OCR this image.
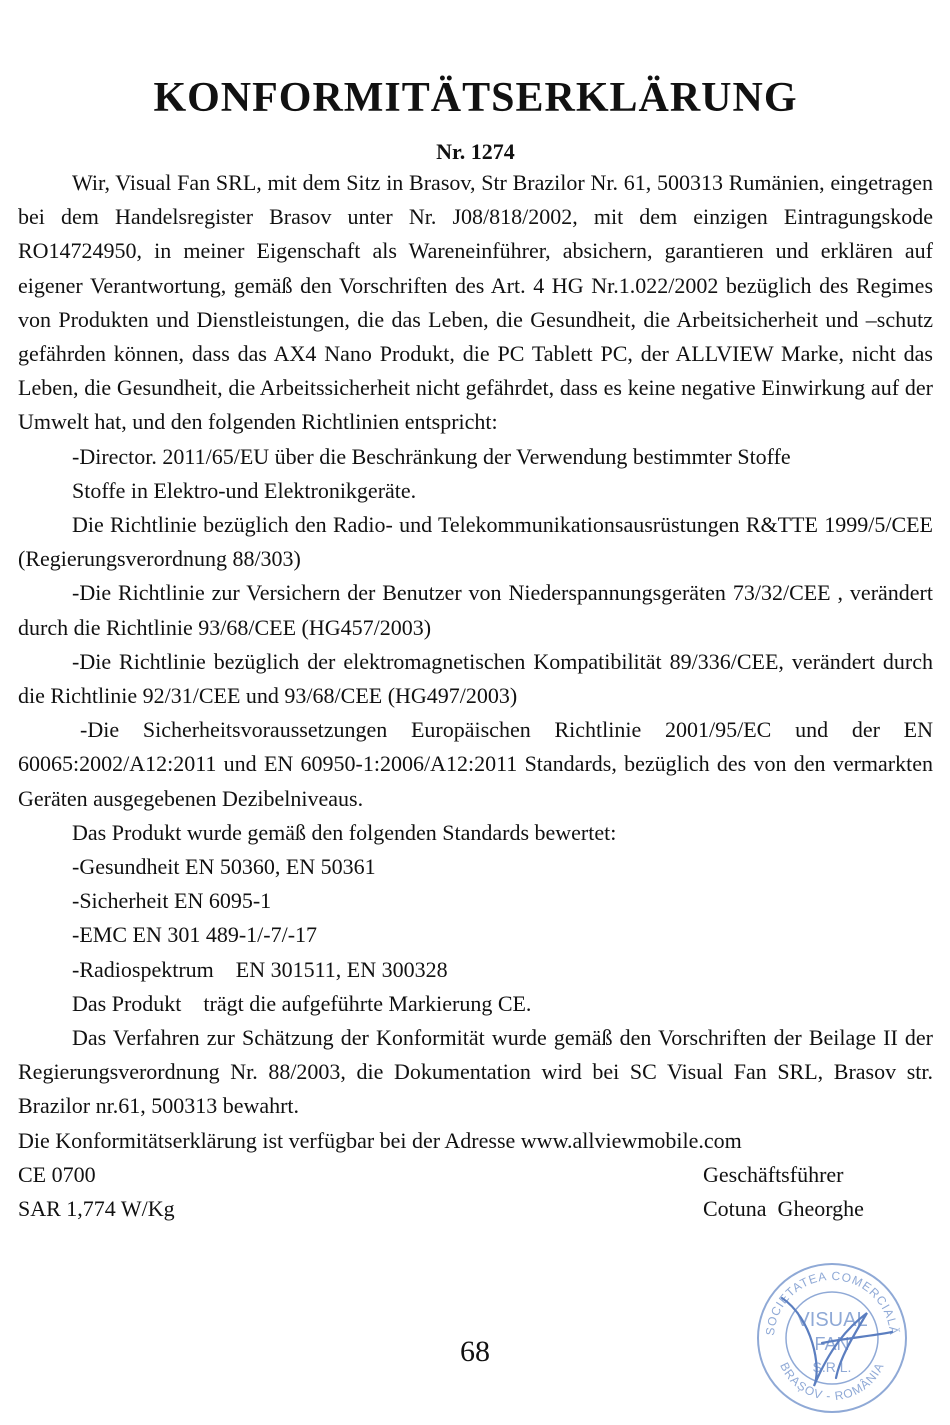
KONFORMITÄTSERKLÄRUNG
Nr. 1274

Wir, Visual Fan SRL, mit dem Sitz in Brasov, Str Brazilor Nr. 61, 500313 Rumänien, eingetragen bei dem Handelsregister Brasov unter Nr. J08/818/2002, mit dem einzigen Eintragungskode RO14724950, in meiner Eigenschaft als Wareneinführer, absichern, garantieren und erklären auf eigener Verantwortung, gemäß den Vorschriften des Art. 4 HG Nr.1.022/2002 bezüglich des Regimes von Produkten und Dienstleistungen, die das Leben, die Gesundheit, die Arbeitsicherheit und –schutz gefährden können, dass das AX4 Nano Produkt, die PC Tablett PC, der ALLVIEW Marke, nicht das Leben, die Gesundheit, die Arbeitssicherheit nicht gefährdet, dass es keine negative Einwirkung auf der Umwelt hat, und den folgenden Richtlinien entspricht:

-Director. 2011/65/EU über die Beschränkung der Verwendung bestimmter Stoffe

Stoffe in Elektro-und Elektronikgeräte.

Die Richtlinie bezüglich den Radio- und Telekommunikationsausrüstungen R&TTE 1999/5/CEE (Regierungsverordnung 88/303)

-Die Richtlinie zur Versichern der Benutzer von Niederspannungsgeräten 73/32/CEE , verändert durch die Richtlinie 93/68/CEE (HG457/2003)

-Die Richtlinie bezüglich der elektromagnetischen Kompatibilität 89/336/CEE, verändert durch die Richtlinie 92/31/CEE und 93/68/CEE (HG497/2003)

-Die Sicherheitsvoraussetzungen Europäischen Richtlinie 2001/95/EC und der EN 60065:2002/A12:2011 und EN 60950-1:2006/A12:2011 Standards, bezüglich des von den vermarkten Geräten ausgegebenen Dezibelniveaus.

Das Produkt wurde gemäß den folgenden Standards bewertet:

-Gesundheit EN 50360, EN 50361

-Sicherheit EN 6095-1

-EMC EN 301 489-1/-7/-17

-Radiospektrum    EN 301511, EN 300328

Das Produkt    trägt die aufgeführte Markierung CE.

Das Verfahren zur Schätzung der Konformität wurde gemäß den Vorschriften der Beilage II der Regierungsverordnung Nr. 88/2003, die Dokumentation wird bei SC Visual Fan SRL, Brasov str. Brazilor nr.61, 500313 bewahrt.

Die Konformitätserklärung ist verfügbar bei der Adresse www.allviewmobile.com

CE 0700	Geschäftsführer
SAR 1,774 W/Kg	Cotuna  Gheorghe
68
SOCIETATEA COMERCIALĂ
BRAȘOV - ROMÂNIA
VISUAL
FAN
S.R.L.
